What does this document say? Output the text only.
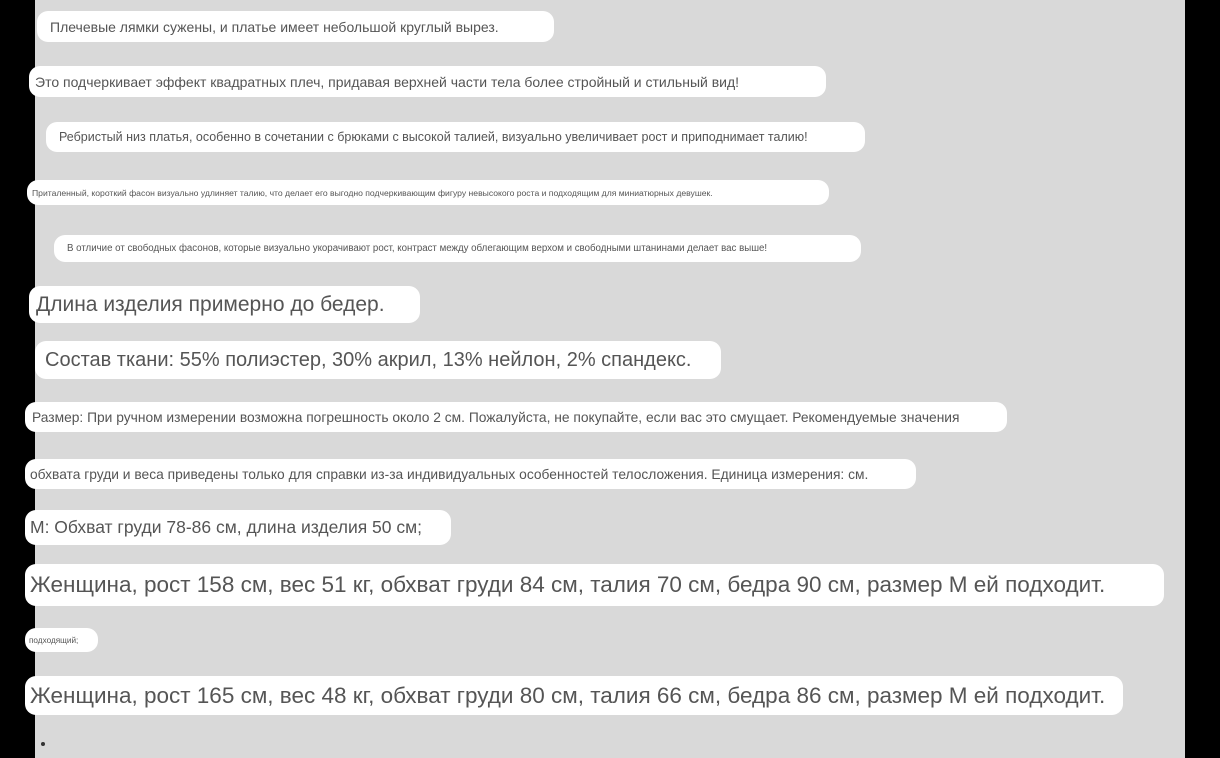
Плечевые лямки сужены, и платье имеет небольшой круглый вырез.
Это подчеркивает эффект квадратных плеч, придавая верхней части тела более стройный и стильный вид!
Ребристый низ платья, особенно в сочетании с брюками с высокой талией, визуально увеличивает рост и приподнимает талию!
Приталенный, короткий фасон визуально удлиняет талию, что делает его выгодно подчеркивающим фигуру невысокого роста и подходящим для миниатюрных девушек.
В отличие от свободных фасонов, которые визуально укорачивают рост, контраст между облегающим верхом и свободными штанинами делает вас выше!
Длина изделия примерно до бедер.
Состав ткани: 55% полиэстер, 30% акрил, 13% нейлон, 2% спандекс.
Размер: При ручном измерении возможна погрешность около 2 см. Пожалуйста, не покупайте, если вас это смущает. Рекомендуемые значения
обхвата груди и веса приведены только для справки из-за индивидуальных особенностей телосложения. Единица измерения: см.
M: Обхват груди 78-86 см, длина изделия 50 см;
Женщина, рост 158 см, вес 51 кг, обхват груди 84 см, талия 70 см, бедра 90 см, размер M ей подходит.
подходящий;
Женщина, рост 165 см, вес 48 кг, обхват груди 80 см, талия 66 см, бедра 86 см, размер M ей подходит.
